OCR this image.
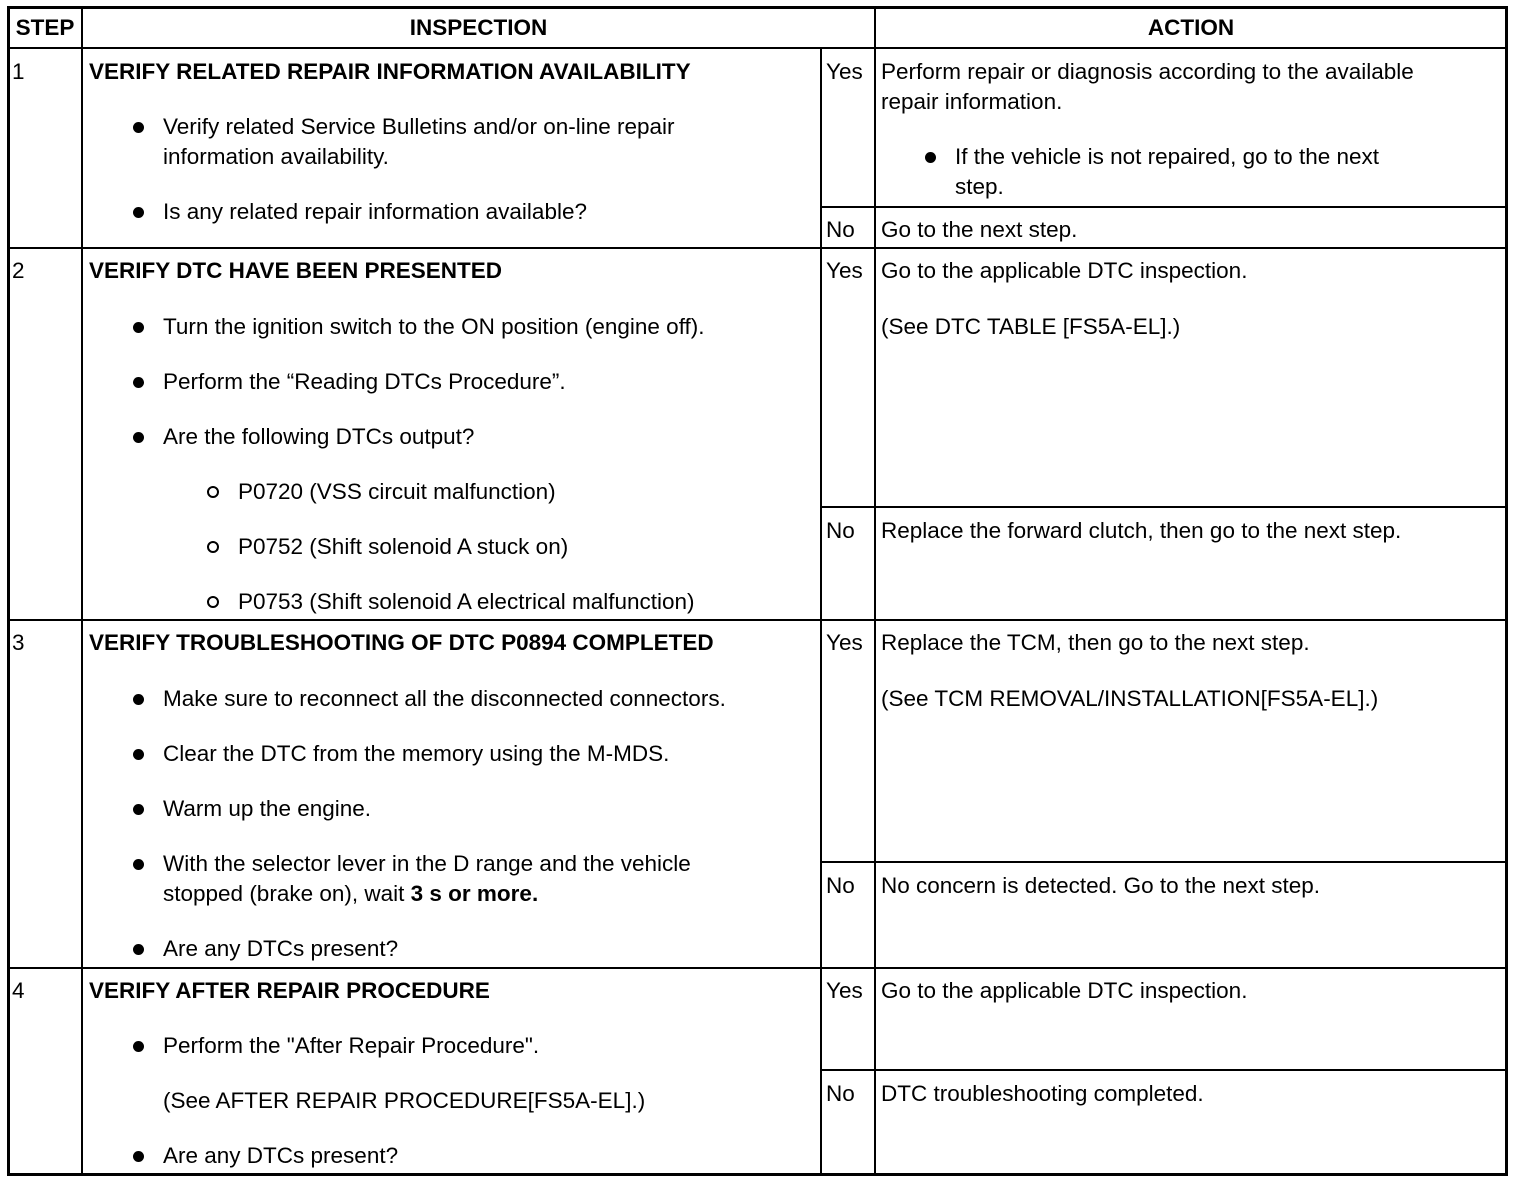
STEP	INSPECTION	ACTION
1	VERIFY RELATED REPAIR INFORMATION AVAILABILITY
Verify related Service Bulletins and/or on-line repair
information availability.
Is any related repair information available?
Yes Perform repair or diagnosis according to the available
repair information.
If the vehicle is not repaired, go to the next
step.
No Go to the next step.
2	VERIFY DTC HAVE BEEN PRESENTED
Turn the ignition switch to the ON position (engine off).
Perform the “Reading DTCs Procedure”.
Are the following DTCs output?
P0720 (VSS circuit malfunction)
P0752 (Shift solenoid A stuck on)
P0753 (Shift solenoid A electrical malfunction)
Yes Go to the applicable DTC inspection.
(See DTC TABLE [FS5A-EL].)
No Replace the forward clutch, then go to the next step.
3	VERIFY TROUBLESHOOTING OF DTC P0894 COMPLETED
Make sure to reconnect all the disconnected connectors.
Clear the DTC from the memory using the M-MDS.
Warm up the engine.
With the selector lever in the D range and the vehicle
stopped (brake on), wait 3 s or more.
Are any DTCs present?
Yes Replace the TCM, then go to the next step.
(See TCM REMOVAL/INSTALLATION[FS5A-EL].)
No No concern is detected. Go to the next step.
4	VERIFY AFTER REPAIR PROCEDURE
Perform the "After Repair Procedure".
(See AFTER REPAIR PROCEDURE[FS5A-EL].)
Are any DTCs present?
Yes Go to the applicable DTC inspection.
No DTC troubleshooting completed.
